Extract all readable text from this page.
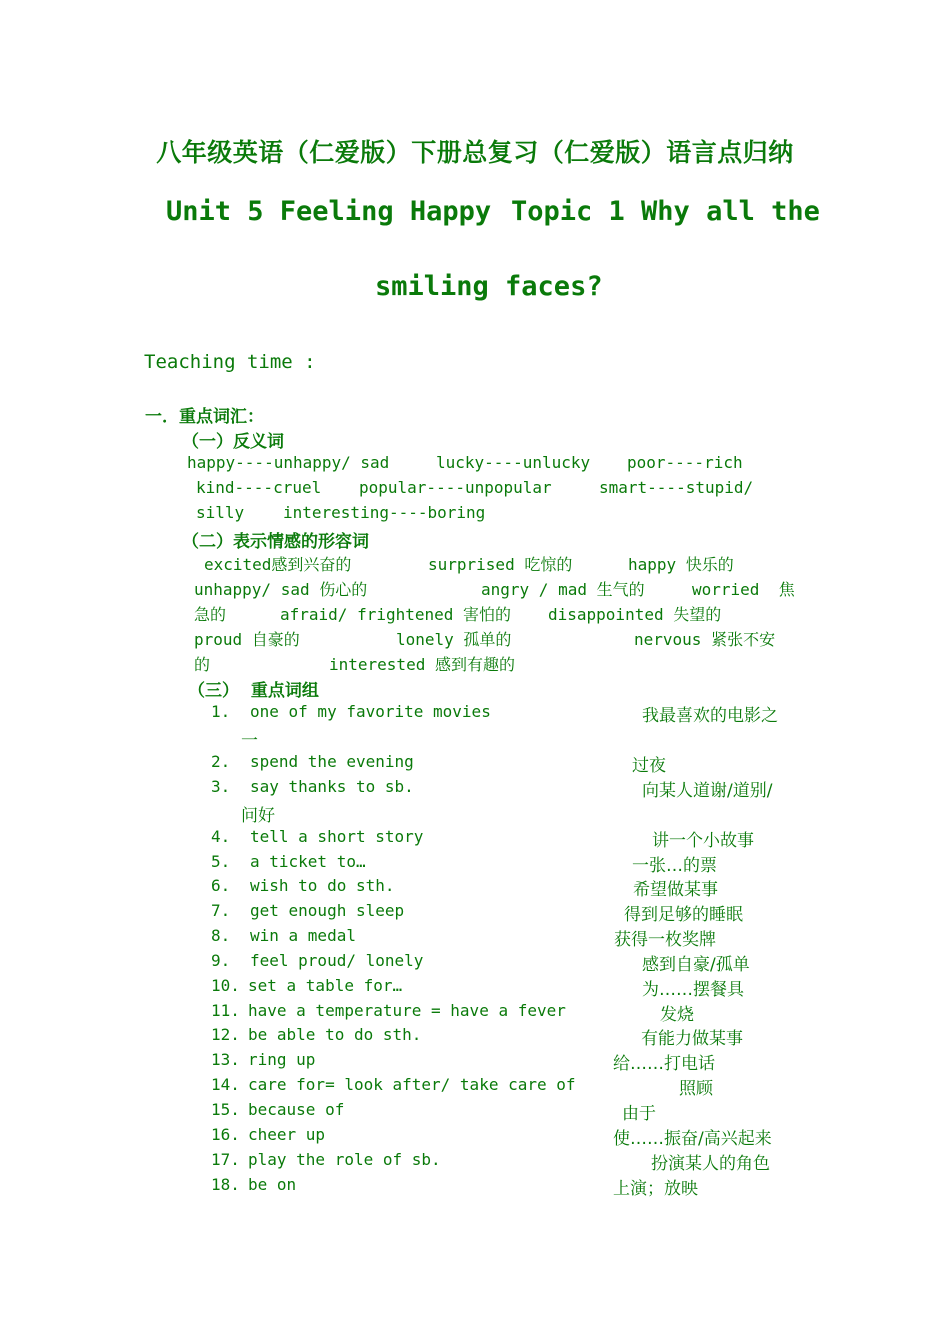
八年级英语（仁爱版）下册总复习（仁爱版）语言点归纳
Unit 5 Feeling Happy Topic 1 Why all the
smiling faces?
Teaching time :
一．重点词汇：
（一）反义词
happy----unhappy/ sad	lucky----unlucky poor----rich
kind----cruel popular----unpopular	smart----stupid/
silly interesting----boring
（二）表示情感的形容词
excited感到兴奋的	surprised 吃惊的	happy 快乐的
unhappy/ sad 伤心的	angry / mad 生气的	worried  焦
急的	afraid/ frightened 害怕的 disappointed 失望的
proud 自豪的	lonely 孤单的	nervous 紧张不安
的	interested 感到有趣的
（三）  重点词组
1. one of my favorite movies	我最喜欢的电影之
一
2. spend the evening	过夜
3. say thanks to sb.	向某人道谢/道别/
问好
4. tell a short story	讲一个小故事
5. a ticket to…	一张…的票
6. wish to do sth.	希望做某事
7. get enough sleep	得到足够的睡眠
8. win a medal	获得一枚奖牌
9. feel proud/ lonely	感到自豪/孤单
10. set a table for…	为……摆餐具
11. have a temperature = have a fever	发烧
12. be able to do sth.	有能力做某事
13. ring up	给……打电话
14. care for= look after/ take care of	照顾
15. because of	由于
16. cheer up	使……振奋/高兴起来
17. play the role of sb.	扮演某人的角色
18. be on	上演；放映
